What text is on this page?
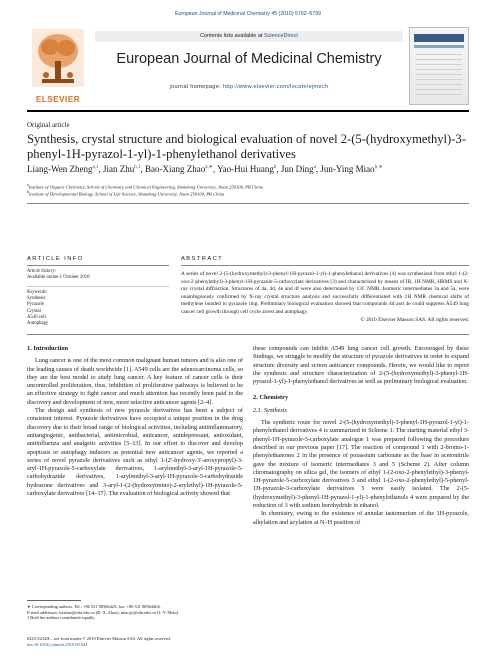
European Journal of Medicinal Chemistry 45 (2010) 5792–5799
ELSEVIER
Contents lists available at ScienceDirect
European Journal of Medicinal Chemistry
journal homepage: http://www.elsevier.com/locate/ejmech
Original article
Synthesis, crystal structure and biological evaluation of novel 2-(5-(hydroxymethyl)-3-phenyl-1H-pyrazol-1-yl)-1-phenylethanol derivatives
Liang-Wen Zheng$^{a,1}$, Jian Zhu$^{b,1}$, Bao-Xiang Zhao$^{a,∗}$, Yao-Hui Huang$^b$, Jun Ding$^a$, Jun-Ying Miao$^{b,∗}$
$^a$Institute of Organic Chemistry, School of Chemistry and Chemical Engineering, Shandong University, Jinan 250100, PR China
$^b$Institute of Developmental Biology, School of Life Science, Shandong University, Jinan 250100, PR China
ARTICLE INFO	ABSTRACT
Article history:
Available online 1 October 2010
Keywords:
Synthesis
Pyrazole
Crystal
A549 cell
Autophagy
A series of novel 2-(5-(hydroxymethyl)-3-phenyl-1H-pyrazol-1-yl)-1-phenylethanol derivatives (4) was synthesized from ethyl 1-(2-oxo-2-phenylethyl)-3-phenyl-1H-pyrazole-5-carboxylate derivatives (3) and characterized by means of IR, 1H NMR, HRMS and X-ray crystal diffraction. Structures of 4a, 4d, 4e and 4f were also determined by 13C NMR. Isomeric intermediates 3a and 5a, were unambiguously confirmed by X-ray crystal structure analysis and successfully differentiated with 1H NMR chemical shifts of methylene bonded to pyrazole ring. Preliminary biological evaluation showed that compounds 4d and 4e could suppress A549 lung cancer cell growth through cell cycle arrest and autophagy.
© 2010 Elsevier Masson SAS. All rights reserved.
1. Introduction

Lung cancer is one of the most common malignant human tumors and is also one of the leading causes of death worldwide [1]. A549 cells are the adenocarcinoma cells, so they are the best model to study lung cancer. A key feature of cancer cells is their uncontrolled proliferation, thus, inhibition of proliferative pathways is believed to be an effective strategy to fight cancer and much attention has recently been paid to the discovery and development of new, more selective anticancer agents [2–4].

The design and synthesis of new pyrazole derivatives has been a subject of consistent interest. Pyrazole derivatives have occupied a unique position in the drug discovery due to their broad range of biological activities, including antiinflammatory, antiangiogenic, antibacterial, antimicrobial, anticancer, antidepressant, antioxidant, antiinfluenza and analgetic activities [5–13]. In our effort to discover and develop apoptosis or autophagy inducers as potential new anticancer agents, we reported a series of novel pyrazole derivatives such as ethyl 1-(2′-hydroxy-3′-aroxypropyl)-3-aryl-1H-pyrazole-5-carboxylate derivatives, 1-arylmethyl-3-aryl-1H-pyrazole-5-carbohydrazide derivatives, 1-arylmethyl-3-aryl-1H-pyrazole-5-carbohydrazide hydrazone derivatives and 3-aryl-1-(2-(hydroxyimino)-2-arylethyl)-1H-pyrazole-5-carboxylate derivatives [14–17]. The evaluation of biological activity showed that

these compounds can inhibit A549 lung cancer cell growth. Encouraged by these findings, we struggle to modify the structure of pyrazole derivatives in order to expand structure diversity and screen anticancer compounds. Herein, we would like to report the synthesis and structure characterization of 2-(5-(hydroxymethyl)-3-phenyl-1H-pyrazol-1-yl)-1-phenylethanol derivatives as well as preliminary biological evaluation.

2. Chemistry
2.1. Synthesis

The synthetic route for novel 2-(5-(hydroxymethyl)-3-phenyl-1H-pyrazol-1-yl)-1-phenylethanol derivatives 4 is summarized in Scheme 1. The starting material ethyl 3-phenyl-1H-pyrazole-5-carboxylate analogue 1 was prepared following the procedure described in our previous paper [17]. The reaction of compound 1 with 2-bromo-1-phenylethanones 2 in the presence of potassium carbonate as the base in acetonitrile gave the mixture of isomeric intermediates 3 and 5 (Scheme 2). After column chromatography on silica gel, the isomers of ethyl 1-(2-oxo-2-phenylethyl)-3-phenyl-1H-pyrazole-5-carboxylate derivatives 3 and ethyl 1-(2-oxo-2-phenylethyl)-5-phenyl-1H-pyrazole-3-carboxylate derivatives 5 were easily isolated. The 2-(5-(hydroxymethyl)-3-phenyl-1H-pyrazol-1-yl)-1-phenylethanols 4 were prepared by the reduction of 3 with sodium borohydride in ethanol.

In chemistry, owing to the existence of annular tautomerism of the 1H-pyrazole, alkylation and acylation at N–H position of

∗ Corresponding authors. Tel.: +86 531 88366425; fax: +86 531 88564464.
E-mail addresses: bxzhao@sdu.edu.cn (B.-X. Zhao), miaojy@sdu.edu.cn (J.-Y. Miao).
1 Both the authors contributed equally.
0223-5234/$ – see front matter © 2010 Elsevier Masson SAS. All rights reserved.
doi:10.1016/j.ejmech.2010.09.043
